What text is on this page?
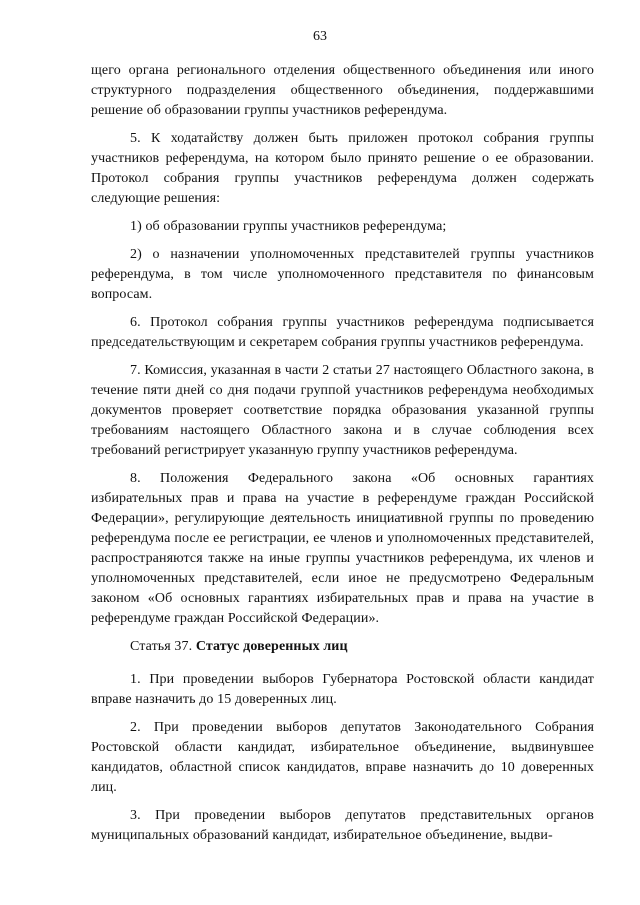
63

щего органа регионального отделения общественного объединения или иного структурного подразделения общественного объединения, поддержавшими решение об образовании группы участников референдума.

5. К ходатайству должен быть приложен протокол собрания группы участников референдума, на котором было принято решение о ее образовании. Протокол собрания группы участников референдума должен содержать следующие решения:

1) об образовании группы участников референдума;

2) о назначении уполномоченных представителей группы участников референдума, в том числе уполномоченного представителя по финансовым вопросам.

6. Протокол собрания группы участников референдума подписывается председательствующим и секретарем собрания группы участников референдума.

7. Комиссия, указанная в части 2 статьи 27 настоящего Областного закона, в течение пяти дней со дня подачи группой участников референдума необходимых документов проверяет соответствие порядка образования указанной группы требованиям настоящего Областного закона и в случае соблюдения всех требований регистрирует указанную группу участников референдума.

8. Положения Федерального закона «Об основных гарантиях избирательных прав и права на участие в референдуме граждан Российской Федерации», регулирующие деятельность инициативной группы по проведению референдума после ее регистрации, ее членов и уполномоченных представителей, распространяются также на иные группы участников референдума, их членов и уполномоченных представителей, если иное не предусмотрено Федеральным законом «Об основных гарантиях избирательных прав и права на участие в референдуме граждан Российской Федерации».

Статья 37. Статус доверенных лиц

1. При проведении выборов Губернатора Ростовской области кандидат вправе назначить до 15 доверенных лиц.

2. При проведении выборов депутатов Законодательного Собрания Ростовской области кандидат, избирательное объединение, выдвинувшее кандидатов, областной список кандидатов, вправе назначить до 10 доверенных лиц.

3. При проведении выборов депутатов представительных органов муниципальных образований кандидат, избирательное объединение, выдви-
